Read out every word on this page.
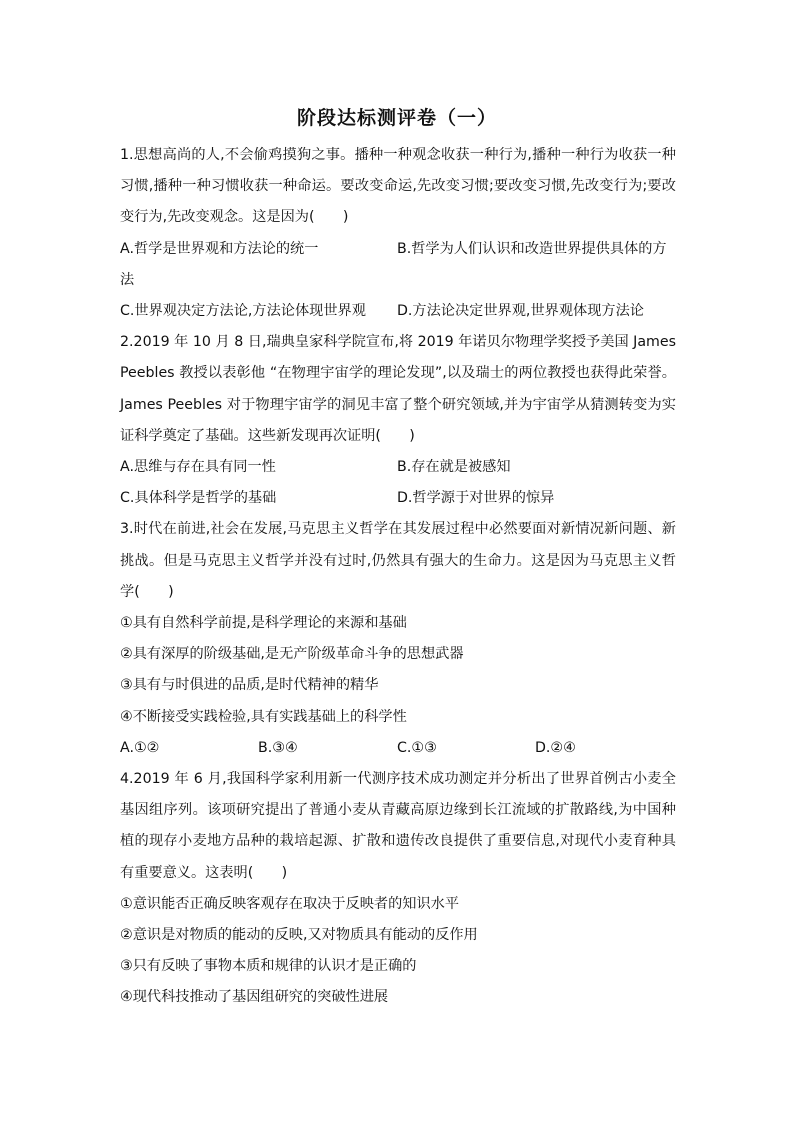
阶段达标测评卷（一）

1.思想高尚的人,不会偷鸡摸狗之事。播种一种观念收获一种行为,播种一种行为收获一种习惯,播种一种习惯收获一种命运。要改变命运,先改变习惯;要改变习惯,先改变行为;要改变行为,先改变观念。这是因为(　　)

A.哲学是世界观和方法论的统一	B.哲学为人们认识和改造世界提供具体的方法
C.世界观决定方法论,方法论体现世界观 D.方法论决定世界观,世界观体现方法论

2.2019 年 10 月 8 日,瑞典皇家科学院宣布,将 2019 年诺贝尔物理学奖授予美国 James Peebles 教授以表彰他 “在物理宇宙学的理论发现”,以及瑞士的两位教授也获得此荣誉。James Peebles 对于物理宇宙学的洞见丰富了整个研究领域,并为宇宙学从猜测转变为实证科学奠定了基础。这些新发现再次证明(　　)

A.思维与存在具有同一性	B.存在就是被感知
C.具体科学是哲学的基础	D.哲学源于对世界的惊异

3.时代在前进,社会在发展,马克思主义哲学在其发展过程中必然要面对新情况新问题、新挑战。但是马克思主义哲学并没有过时,仍然具有强大的生命力。这是因为马克思主义哲学(　　)

①具有自然科学前提,是科学理论的来源和基础

②具有深厚的阶级基础,是无产阶级革命斗争的思想武器

③具有与时俱进的品质,是时代精神的精华

④不断接受实践检验,具有实践基础上的科学性

A.①②	B.③④	C.①③	D.②④

4.2019 年 6 月,我国科学家利用新一代测序技术成功测定并分析出了世界首例古小麦全基因组序列。该项研究提出了普通小麦从青藏高原边缘到长江流域的扩散路线,为中国种植的现存小麦地方品种的栽培起源、扩散和遗传改良提供了重要信息,对现代小麦育种具有重要意义。这表明(　　)

①意识能否正确反映客观存在取决于反映者的知识水平

②意识是对物质的能动的反映,又对物质具有能动的反作用

③只有反映了事物本质和规律的认识才是正确的

④现代科技推动了基因组研究的突破性进展
